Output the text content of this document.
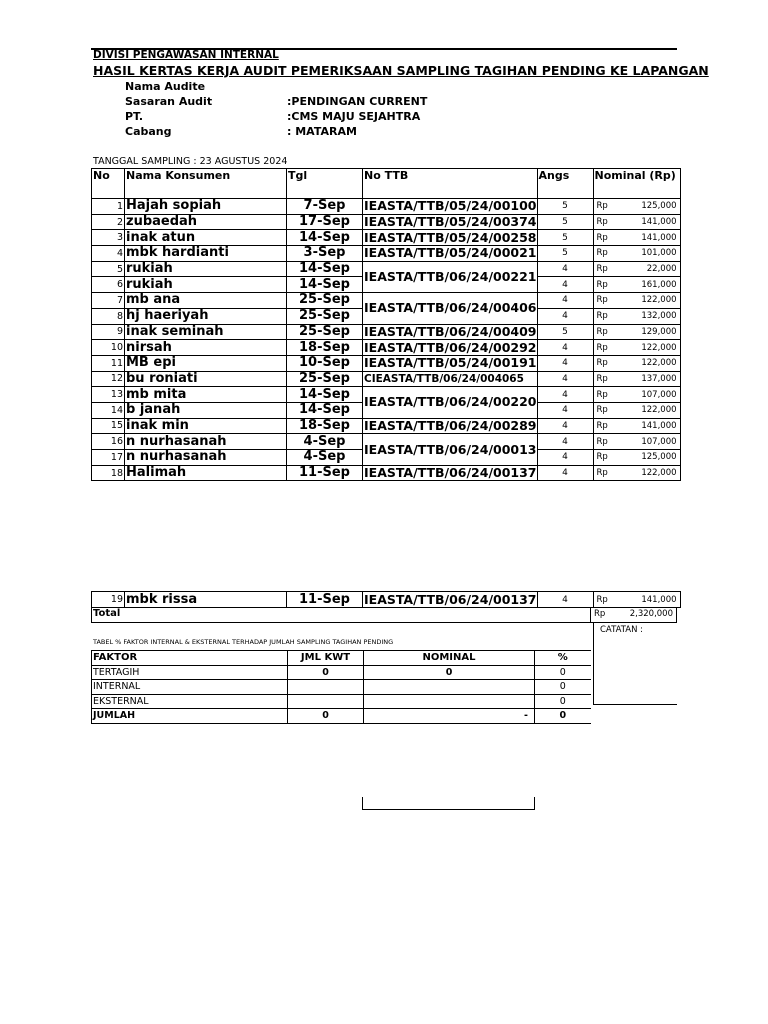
DIVISI PENGAWASAN INTERNAL
HASIL KERTAS KERJA AUDIT PEMERIKSAAN SAMPLING TAGIHAN PENDING KE LAPANGAN
Nama Audite
Sasaran Audit	:PENDINGAN CURRENT
PT.	:CMS MAJU SEJAHTRA
Cabang	: MATARAM
TANGGAL SAMPLING : 23 AGUSTUS 2024
No	Nama Konsumen	Tgl	No TTB	Angs	Nominal (Rp)
1	Hajah sopiah	7-Sep	IEASTA/TTB/05/24/00100	5	Rp 125,000

2	zubaedah	17-Sep	IEASTA/TTB/05/24/00374	5	Rp 141,000

3	inak atun	14-Sep	IEASTA/TTB/05/24/00258	5	Rp 141,000

4	mbk hardianti	3-Sep	IEASTA/TTB/05/24/00021	5	Rp 101,000

5	rukiah	14-Sep	IEASTA/TTB/06/24/00221	4	Rp 22,000

6	rukiah	14-Sep		4	Rp 161,000

7	mb ana	25-Sep	IEASTA/TTB/06/24/00406	4	Rp 122,000

8	hj haeriyah	25-Sep		4	Rp 132,000

9	inak seminah	25-Sep	IEASTA/TTB/06/24/00409	5	Rp 129,000

10	nirsah	18-Sep	IEASTA/TTB/06/24/00292	4	Rp 122,000

11	MB epi	10-Sep	IEASTA/TTB/05/24/00191	4	Rp 122,000

12	bu roniati	25-Sep	CIEASTA/TTB/06/24/004065	4	Rp 137,000

13	mb mita	14-Sep	IEASTA/TTB/06/24/00220	4	Rp 107,000

14	b janah	14-Sep		4	Rp 122,000

15	inak min	18-Sep	IEASTA/TTB/06/24/00289	4	Rp 141,000

16	n nurhasanah	4-Sep	IEASTA/TTB/06/24/00013	4	Rp 107,000

17	n nurhasanah	4-Sep		4	Rp 125,000

18	Halimah	11-Sep	IEASTA/TTB/06/24/00137	4	Rp 122,000
19	mbk rissa	11-Sep	IEASTA/TTB/06/24/00137	4	Rp	141,000
Total	Rp	2,320,000
CATATAN :
TABEL % FAKTOR INTERNAL & EKSTERNAL TERHADAP JUMLAH SAMPLING TAGIHAN PENDING
FAKTOR	JML KWT	NOMINAL	%
TERTAGIH	0	0	0
INTERNAL			0
EKSTERNAL			0
JUMLAH	0	-	0
